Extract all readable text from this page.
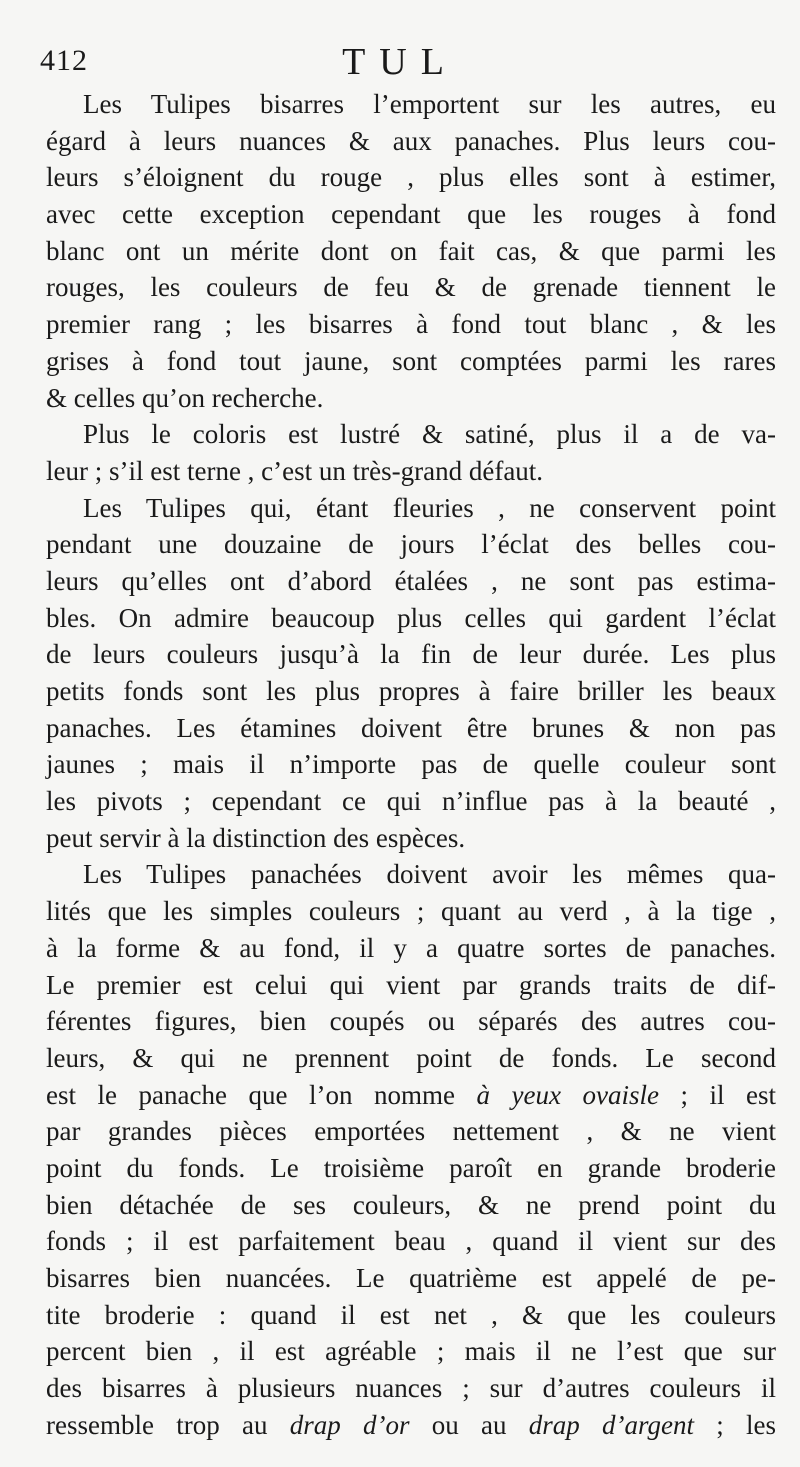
412	TUL
Les Tulipes bisarres l’emportent sur les autres, eu
égard à leurs nuances & aux panaches. Plus leurs cou-
leurs s’éloignent du rouge , plus elles sont à estimer,
avec cette exception cependant que les rouges à fond
blanc ont un mérite dont on fait cas, & que parmi les
rouges, les couleurs de feu & de grenade tiennent le
premier rang ; les bisarres à fond tout blanc , & les
grises à fond tout jaune, sont comptées parmi les rares
& celles qu’on recherche.
Plus le coloris est lustré & satiné, plus il a de va-
leur ; s’il est terne , c’est un très-grand défaut.
Les Tulipes qui, étant fleuries , ne conservent point
pendant une douzaine de jours l’éclat des belles cou-
leurs qu’elles ont d’abord étalées , ne sont pas estima-
bles. On admire beaucoup plus celles qui gardent l’éclat
de leurs couleurs jusqu’à la fin de leur durée. Les plus
petits fonds sont les plus propres à faire briller les beaux
panaches. Les étamines doivent être brunes & non pas
jaunes ; mais il n’importe pas de quelle couleur sont
les pivots ; cependant ce qui n’influe pas à la beauté ,
peut servir à la distinction des espèces.
Les Tulipes panachées doivent avoir les mêmes qua-
lités que les simples couleurs ; quant au verd , à la tige ,
à la forme & au fond, il y a quatre sortes de panaches.
Le premier est celui qui vient par grands traits de dif-
férentes figures, bien coupés ou séparés des autres cou-
leurs, & qui ne prennent point de fonds. Le second
est le panache que l’on nomme à yeux ovaisle ; il est
par grandes pièces emportées nettement , & ne vient
point du fonds. Le troisième paroît en grande broderie
bien détachée de ses couleurs, & ne prend point du
fonds ; il est parfaitement beau , quand il vient sur des
bisarres bien nuancées. Le quatrième est appelé de pe-
tite broderie : quand il est net , & que les couleurs
percent bien , il est agréable ; mais il ne l’est que sur
des bisarres à plusieurs nuances ; sur d’autres couleurs il
ressemble trop au drap d’or ou au drap d’argent ; les
